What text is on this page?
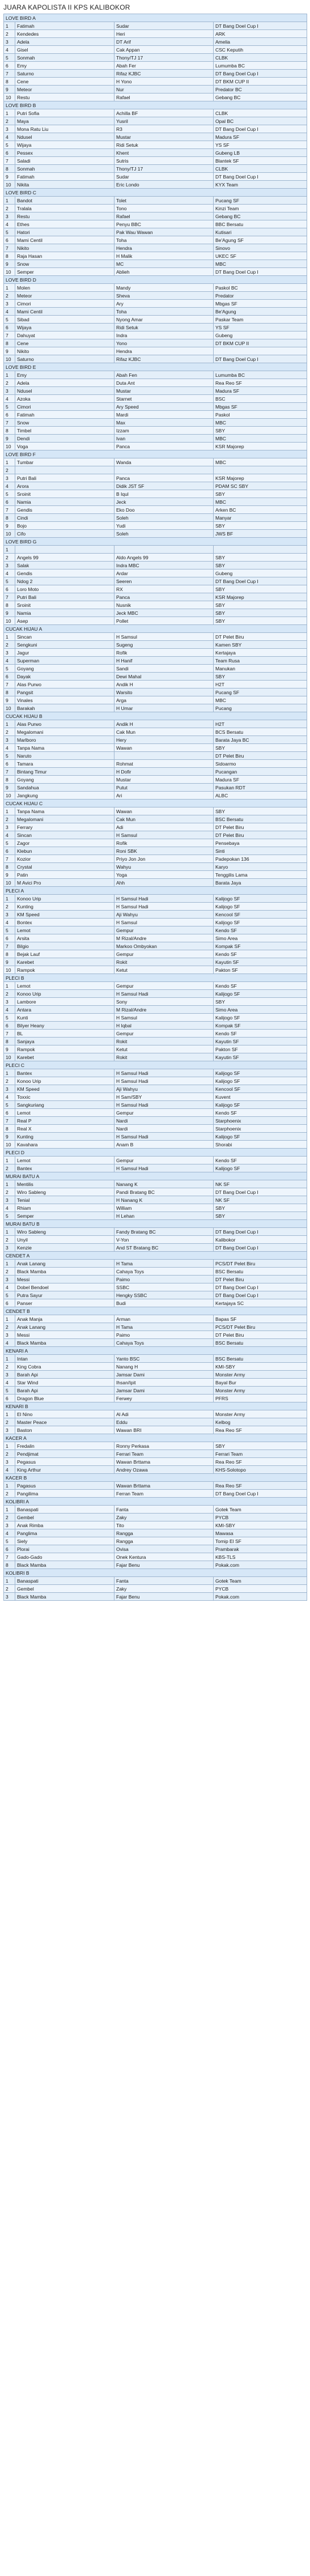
JUARA KAPOLISTA II KPS KALIBOKOR
LOVE BIRD A			
1	Fatimah	Sudar	DT Bang Doel Cup I
2	Kendedes	Heri	ARK
3	Adela	DT Arif	Amelia
4	Gisel	Cak Appan	CSC Keputih
5	Sonmah	Thony/TJ 17	CLBK
6	Emy	Abah Fer	Lumumba BC
7	Saturno	Rifaz KJBC	DT Bang Doel Cup I
8	Cene	H Yono	DT BKM CUP II
9	Meteor	Nur	Predator BC
10	Restu	Rafael	Gebang BC
LOVE BIRD B			
1	Putri Sofia	Achilla BF	CLBK
2	Maya	Yusril	Opal BC
3	Mona Ratu Liu	R3	DT Bang Doel Cup I
4	Ndusel	Mustar	Madura SF
5	Wijaya	Ridi Setuk	YS SF
6	Pessex	Khent	Gubeng LB
7	Saladi	Sutris	Blantek SF
8	Sonmah	Thony/TJ 17	CLBK
9	Fatimah	Sudar	DT Bang Doel Cup I
10	Nikita	Eric Londo	KYX Team
LOVE BIRD C			
1	Bandot	Tolet	Pucang SF
2	Tralala	Tono	Kinzi Team
3	Restu	Rafael	Gebang BC
4	Ethes	Penyu BBC	BBC Bersatu
5	Hatori	Pak Wau Wawan	Kutisari
6	Mami Centil	Toha	Be'Agung SF
7	Nikito	Hendra	Sinovo
8	Raja Hasan	H Malik	UKEC SF
9	Snow	MC	MBC
10	Semper	Ablieh	DT Bang Doel Cup I
LOVE BIRD D			
1	Molen	Mandy	Paskol BC
2	Meteor	Sheva	Predator
3	Cimori	Ary	Mbgas SF
4	Mami Centil	Toha	Be'Agung
5	Sibad	Nyong Amar	Paskar Team
6	Wijaya	Ridi Setuk	YS SF
7	Dahuyat	Indra	Gubeng
8	Cene	Yono	DT BKM CUP II
9	Nikito	Hendra	
10	Saturno	Rifaz KJBC	DT Bang Doel Cup I
LOVE BIRD E			
1	Emy	Abah Fen	Lumumba BC
2	Adela	Duta Ant	Rea Reo SF
3	Ndusel	Mustar	Madura SF
4	Azoka	Starnet	BSC
5	Cimori	Ary Speed	Mbgas SF
6	Fatimah	Mardi	Paskol
7	Snow	Max	MBC
8	Timbel	Izzam	SBY
9	Dendi	Ivan	MBC
10	Voga	Panca	KSR Majorep
LOVE BIRD F			
1	Tumbar	Wanda	MBC
2			
3	Putri Bali	Panca	KSR Majorep
4	Arora	Didik JST SF	PDAM SC SBY
5	Sroinit	B Iqul	SBY
6	Namia	Jeck	MBC
7	Gendis	Eko Doo	Arken BC
8	Cindi	Soleh	Manyar
9	Bojo	Yudi	SBY
10	Cifo	Soleh	JWS BF
LOVE BIRD G			
1			
2	Angels 99	Aldo Angels 99	SBY
3	Salak	Indra MBC	SBY
4	Gendis	Ardar	Gubeng
5	Ndog 2	Seeren	DT Bang Doel Cup I
6	Loro Moto	RX	SBY
7	Putri Bali	Panca	KSR Majorep
8	Sroinit	Nusnik	SBY
9	Namia	Jeck MBC	SBY
10	Asep	Pollet	SBY
CUCAK HIJAU A			
1	Sincan	H Samsul	DT Pelet Biru
2	Sengkuni	Sugeng	Kamen SBY
3	Jagur	Rofik	Kertajaya
4	Superman	H Hanif	Team Rusa
5	Goyang	Sandi	Manukan
6	Dayak	Dewi Mahal	SBY
7	Alas Purwo	Andik H	H2T
8	Pangsit	Warsito	Pucang SF
9	Vinales	Arga	MBC
10	Barakah	H Umar	Pucang
CUCAK HIJAU B			
1	Alas Purwo	Andik H	H2T
2	Megalomani	Cak Mun	BCS Bersatu
3	Marlboro	Hery	Barata Jaya BC
4	Tanpa Nama	Wawan	SBY
5	Naruto		DT Pelet Biru
6	Tamara	Rohmat	Sidoarmo
7	Bintang Timur	H Dofir	Pucangan
8	Goyang	Mustar	Madura SF
9	Sandahua	Putut	Pasukan RDT
10	Jangkung	Ari	ALBC
CUCAK HIJAU C			
1	Tanpa Nama	Wawan	SBY
2	Megalomani	Cak Mun	BSC Bersatu
3	Ferrary	Adi	DT Pelet Biru
4	Sincan	H Samsul	DT Pelet Biru
5	Zagor	Rofik	Pensebaya
6	Klebun	Roni SBK	Sinti
7	Kozior	Priyo Jon Jon	Padepokan 136
8	Crystal	Wahyu	Karyo
9	Patin	Yoga	Tenggilis Lama
10	M Avici Pro	Ahh	Barata Jaya
PLECI A			
1	Konoo Urip	H Samsul Hadi	Kalijogo SF
2	Kunting	H Samsul Hadi	Kalijogo SF
3	KM Speed	Aji Wahyu	Kencool SF
4	Bontex	H Samsul	Kalijogo SF
5	Lemot	Gempur	Kendo SF
6	Arsita	M Rizal/Andre	Simo Area
7	Bilgio	Markoo Ombyokan	Kompak SF
8	Bejak Lauf	Gempur	Kendo SF
9	Karebet	Rokit	Kayutin SF
10	Rampok	Ketut	Pakton SF
PLECI B			
1	Lemot	Gempur	Kendo SF
2	Konoo Urip	H Samsul Hadi	Kalijogo SF
3	Lambore	Sony	SBY
4	Antara	M Rizal/Andre	Simo Area
5	Kunti	H Samsul	Kalijogo SF
6	Bilyer Heany	H Iqbal	Kompak SF
7	BL	Gempur	Kendo SF
8	Sanjaya	Rokit	Kayutin SF
9	Rampok	Ketut	Pakton SF
10	Karebet	Rokit	Kayutin SF
PLECI C			
1	Bantex	H Samsul Hadi	Kalijogo SF
2	Konoo Urip	H Samsul Hadi	Kalijogo SF
3	KM Speed	Aji Wahyu	Kencool SF
4	Toxxic	H Sam/SBY	Kuvent
5	Sangkuriang	H Samsul Hadi	Kalijogo SF
6	Lemot	Gempur	Kendo SF
7	Real P	Nardi	Starphoenix
8	Real X	Nardi	Starphoenix
9	Kunting	H Samsul Hadi	Kalijogo SF
10	Kavahara	Anam B	Shorabi
PLECI D			
1	Lemot	Gempur	Kendo SF
2	Bantex	H Samsul Hadi	Kalijogo SF
MURAI BATU A			
1	Mentilis	Nanang K	NK SF
2	Wiro Sableng	Pandi Bratang BC	DT Bang Doel Cup I
3	Tenial	H Nanang K	NK SF
4	Rhiam	William	SBY
5	Semper	H Lehan	SBY
MURAI BATU B			
1	Wiro Sableng	Fandy Bratang BC	DT Bang Doel Cup I
2	Unyil	V-Yon	Kalibokor
3	Kenzie	And ST Bratang BC	DT Bang Doel Cup I
CENDET A			
1	Anak Lanang	H Tama	PCS/DT Pelet Biru
2	Black Mamba	Cahaya Toys	BSC Bersatu
3	Messi	Paimo	DT Pelet Biru
4	Dobel Bendoel	SSBC	DT Bang Doel Cup I
5	Putra Sayur	Hengky SSBC	DT Bang Doel Cup I
6	Panser	Budi	Kertajaya SC
CENDET B			
1	Anak Manja	Arman	Bapas SF
2	Anak Lanang	H Tama	PCS/DT Pelet Biru
3	Messi	Paimo	DT Pelet Biru
4	Black Mamba	Cahaya Toys	BSC Bersatu
KENARI A			
1	Intan	Yanto BSC	BSC Bersatu
2	King Cobra	Nanang H	KMI-SBY
3	Barah Api	Jamsar Dami	Monster Army
4	Star Wind	Ihsan/Ipit	Bayal Bur
5	Barah Api	Jamsar Dami	Monster Army
6	Dragon Blue	Ferwey	PFRS
KENARI B			
1	El Nino	Al Adi	Monster Army
2	Master Peace	Eddu	Kelbog
3	Baston	Wawan BRI	Rea Reo SF
KACER A			
1	Fredalin	Ronny Perkasa	SBY
2	Pendjimat	Ferrari Team	Ferrari Team
3	Pegasus	Wawan Brttama	Rea Reo SF
4	King Arthur	Andrey Ozawa	KHS-Solotopo
KACER B			
1	Pagasus	Wawan Brttama	Rea Reo SF
2	Pangilima	Ferran Team	DT Bang Doel Cup I
KOLIBRI A			
1	Banaspati	Fanta	Gotek Team
2	Gembel	Zaky	PYCB
3	Anak Rimba	Tito	KMI-SBY
4	Panglima	Rangga	Mawasa
5	Siely	Rangga	Tomip El SF
6	Plorai	Ovisa	Prambarak
7	Gado-Gado	Onek Kentura	KBS-TLS
8	Black Mamba	Fajar Benu	Pokak.com
KOLIBRI B			
1	Banaspati	Fanta	Gotek Team
2	Gembel	Zaky	PYCB
3	Black Mamba	Fajar Benu	Pokak.com
